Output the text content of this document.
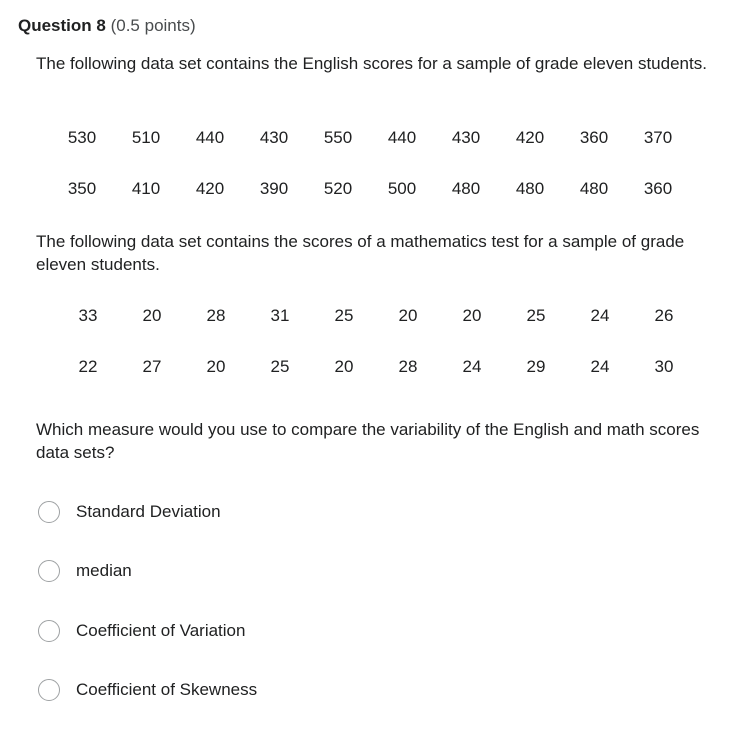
Question 8 (0.5 points)
The following data set contains the English scores for a sample of grade eleven students.
530	510	440	430	550	440	430	420	360	370
350	410	420	390	520	500	480	480	480	360
The following data set contains the scores of a mathematics test for a sample of grade eleven students.
33	20	28	31	25	20	20	25	24	26
22	27	20	25	20	28	24	29	24	30
Which measure would you use to compare the variability of the English and math scores data sets?
Standard Deviation
median
Coefficient of Variation
Coefficient of Skewness
